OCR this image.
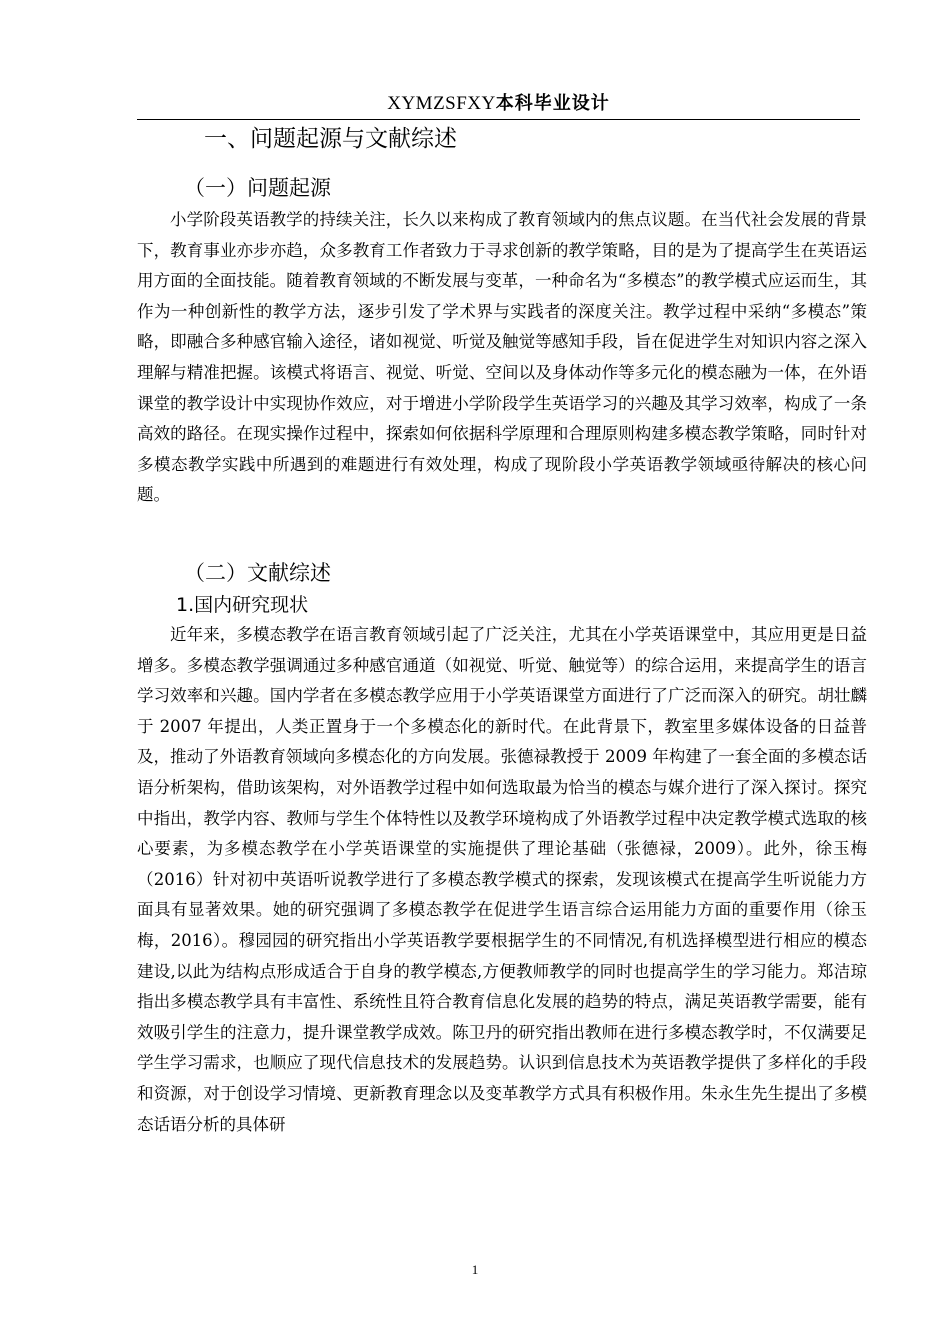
XYMZSFXY本科毕业设计
一、问题起源与文献综述
（一）问题起源

小学阶段英语教学的持续关注，长久以来构成了教育领域内的焦点议题。在当代社会发展的背景下，教育事业亦步亦趋，众多教育工作者致力于寻求创新的教学策略，目的是为了提高学生在英语运用方面的全面技能。随着教育领域的不断发展与变革，一种命名为“多模态”的教学模式应运而生，其作为一种创新性的教学方法，逐步引发了学术界与实践者的深度关注。教学过程中采纳“多模态”策略，即融合多种感官输入途径，诸如视觉、听觉及触觉等感知手段，旨在促进学生对知识内容之深入理解与精准把握。该模式将语言、视觉、听觉、空间以及身体动作等多元化的模态融为一体，在外语课堂的教学设计中实现协作效应，对于增进小学阶段学生英语学习的兴趣及其学习效率，构成了一条高效的路径。在现实操作过程中，探索如何依据科学原理和合理原则构建多模态教学策略，同时针对多模态教学实践中所遇到的难题进行有效处理，构成了现阶段小学英语教学领域亟待解决的核心问题。

（二）文献综述
1.国内研究现状

近年来，多模态教学在语言教育领域引起了广泛关注，尤其在小学英语课堂中，其应用更是日益增多。多模态教学强调通过多种感官通道（如视觉、听觉、触觉等）的综合运用，来提高学生的语言学习效率和兴趣。国内学者在多模态教学应用于小学英语课堂方面进行了广泛而深入的研究。胡壮麟于 2007 年提出，人类正置身于一个多模态化的新时代。在此背景下，教室里多媒体设备的日益普及，推动了外语教育领域向多模态化的方向发展。张德禄教授于 2009 年构建了一套全面的多模态话语分析架构，借助该架构，对外语教学过程中如何选取最为恰当的模态与媒介进行了深入探讨。探究中指出，教学内容、教师与学生个体特性以及教学环境构成了外语教学过程中决定教学模式选取的核心要素，为多模态教学在小学英语课堂的实施提供了理论基础（张德禄，2009）。此外，徐玉梅（2016）针对初中英语听说教学进行了多模态教学模式的探索，发现该模式在提高学生听说能力方面具有显著效果。她的研究强调了多模态教学在促进学生语言综合运用能力方面的重要作用（徐玉梅，2016）。穆园园的研究指出小学英语教学要根据学生的不同情况,有机选择模型进行相应的模态建设,以此为结构点形成适合于自身的教学模态,方便教师教学的同时也提高学生的学习能力。郑洁琼指出多模态教学具有丰富性、系统性且符合教育信息化发展的趋势的特点，满足英语教学需要，能有效吸引学生的注意力，提升课堂教学成效。陈卫丹的研究指出教师在进行多模态教学时，不仅满要足学生学习需求，也顺应了现代信息技术的发展趋势。认识到信息技术为英语教学提供了多样化的手段和资源，对于创设学习情境、更新教育理念以及变革教学方式具有积极作用。朱永生先生提出了多模态话语分析的具体研

1
